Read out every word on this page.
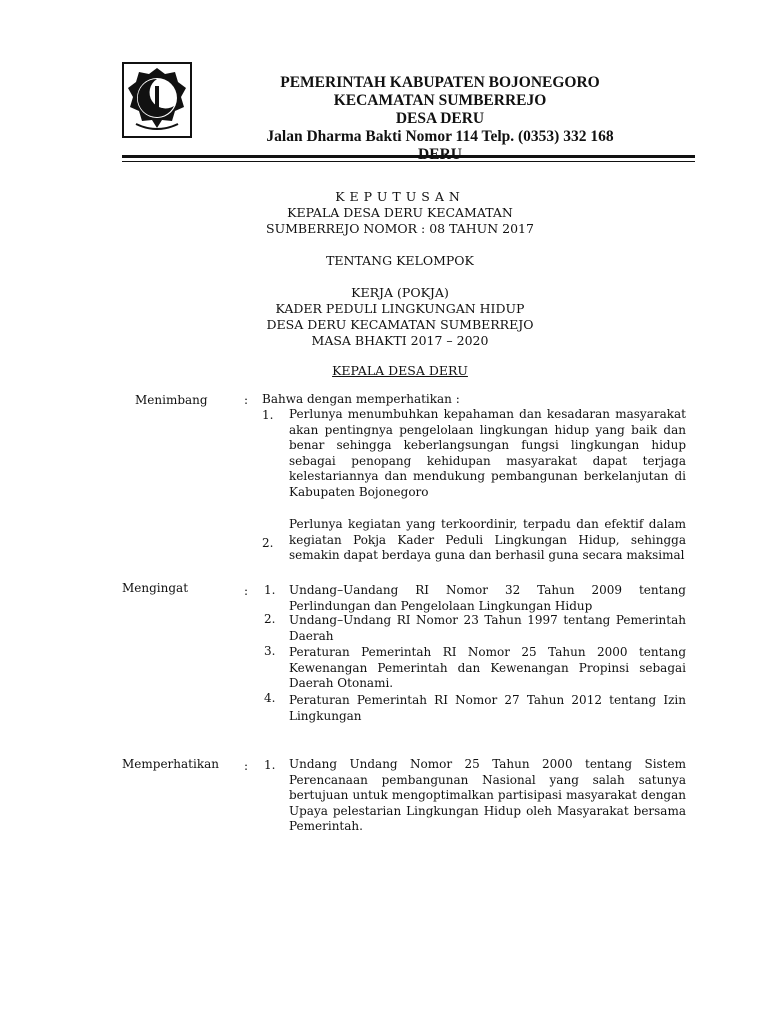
PEMERINTAH KABUPATEN BOJONEGORO
KECAMATAN SUMBERREJO
DESA DERU
Jalan Dharma Bakti Nomor 114 Telp. (0353) 332 168
DERU
KEPUTUSAN
KEPALA DESA DERU KECAMATAN
SUMBERREJO NOMOR : 08 TAHUN 2017
TENTANG KELOMPOK
KERJA (POKJA)
KADER PEDULI LINGKUNGAN HIDUP
DESA DERU KECAMATAN SUMBERREJO
MASA BHAKTI 2017 – 2020
KEPALA DESA DERU
Menimbang	: Bahwa dengan memperhatikan :
1. Perlunya menumbuhkan kepahaman dan kesadaran masyarakat akan pentingnya pengelolaan lingkungan hidup yang baik dan benar sehingga keberlangsungan fungsi lingkungan hidup sebagai penopang kehidupan masyarakat dapat terjaga kelestariannya dan mendukung pembangunan berkelanjutan di Kabupaten Bojonegoro
2.
Perlunya kegiatan yang terkoordinir, terpadu dan efektif dalam kegiatan Pokja Kader Peduli Lingkungan Hidup, sehingga semakin dapat berdaya guna dan berhasil guna secara maksimal
Mengingat	: 1. Undang–Uandang RI Nomor 32 Tahun 2009 tentang Perlindungan dan Pengelolaan Lingkungan Hidup
2. Undang–Undang RI Nomor 23 Tahun 1997 tentang Pemerintah Daerah
3. Peraturan Pemerintah RI Nomor 25 Tahun 2000 tentang Kewenangan Pemerintah dan Kewenangan Propinsi sebagai Daerah Otonami.
4. Peraturan Pemerintah RI Nomor 27 Tahun 2012 tentang Izin Lingkungan
Memperhatikan : 1. Undang Undang Nomor 25 Tahun 2000 tentang Sistem Perencanaan pembangunan Nasional yang salah satunya bertujuan untuk mengoptimalkan partisipasi masyarakat dengan Upaya pelestarian Lingkungan Hidup oleh Masyarakat bersama Pemerintah.
